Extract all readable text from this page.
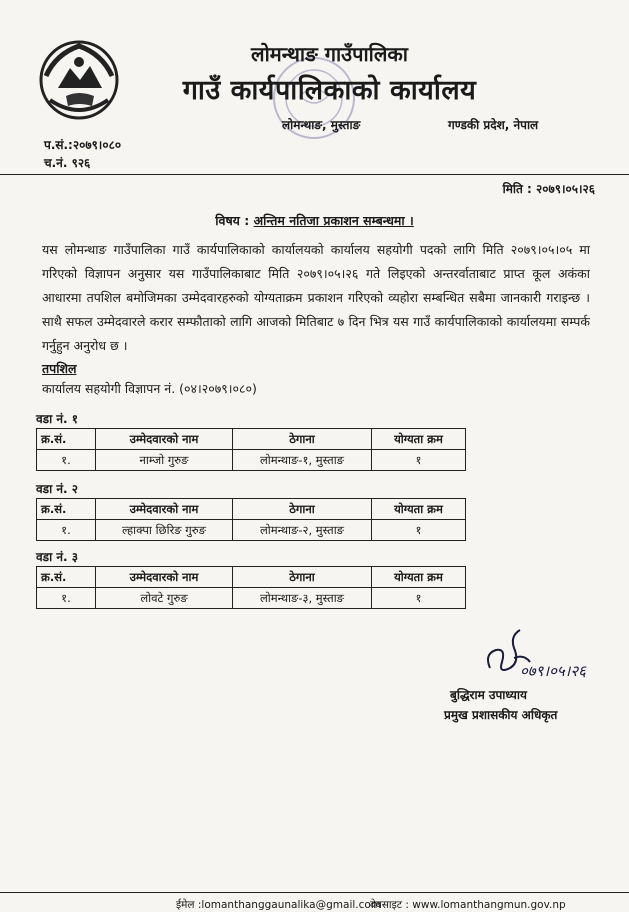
लोमन्थाङ गाउँपालिका
गाउँ कार्यपालिकाको कार्यालय
लोमन्थाङ, मुस्ताङ	गण्डकी प्रदेश, नेपाल
प.सं.:२०७९।०८०
च.नं. ९२६
मिति : २०७९।०५।२६
विषय : अन्तिम नतिजा प्रकाशन सम्बन्धमा ।
यस लोमन्थाङ गाउँपालिका गाउँ कार्यपालिकाको कार्यालयको कार्यालय सहयोगी पदको लागि मिति २०७९।०५।०५ मा गरिएको विज्ञापन अनुसार यस गाउँपालिकाबाट मिति २०७९।०५।२६ गते लिइएको अन्तरर्वाताबाट प्राप्त कूल अकंका आधारमा तपशिल बमोजिमका उम्मेदवारहरुको योग्यताक्रम प्रकाशन गरिएको व्यहोरा सम्बन्धित सबैमा जानकारी गराइन्छ । साथै सफल उम्मेदवारले करार सम्फौताको लागि आजको मितिबाट ७ दिन भित्र यस गाउँ कार्यपालिकाको कार्यालयमा सम्पर्क गर्नुहुन अनुरोध छ ।
तपशिल
कार्यालय सहयोगी विज्ञापन नं. (०४।२०७९।०८०)
वडा नं. १
क्र.सं.	उम्मेदवारको नाम	ठेगाना	योग्यता क्रम
१.	नाम्जो गुरुङ	लोमन्थाङ-१, मुस्ताङ	१
वडा नं. २
क्र.सं.	उम्मेदवारको नाम	ठेगाना	योग्यता क्रम
१.	ल्हाक्पा छिरिङ गुरुङ	लोमन्थाङ-२, मुस्ताङ	१
वडा नं. ३
क्र.सं.	उम्मेदवारको नाम	ठेगाना	योग्यता क्रम
१.	लोवटे गुरुङ	लोमन्थाङ-३, मुस्ताङ	१
०७९।०५।२६
बुद्धिराम उपाध्याय
प्रमुख प्रशासकीय अधिकृत
ईमेल :lomanthanggaunalika@gmail.com
वेबसाइट : www.lomanthangmun.gov.np
